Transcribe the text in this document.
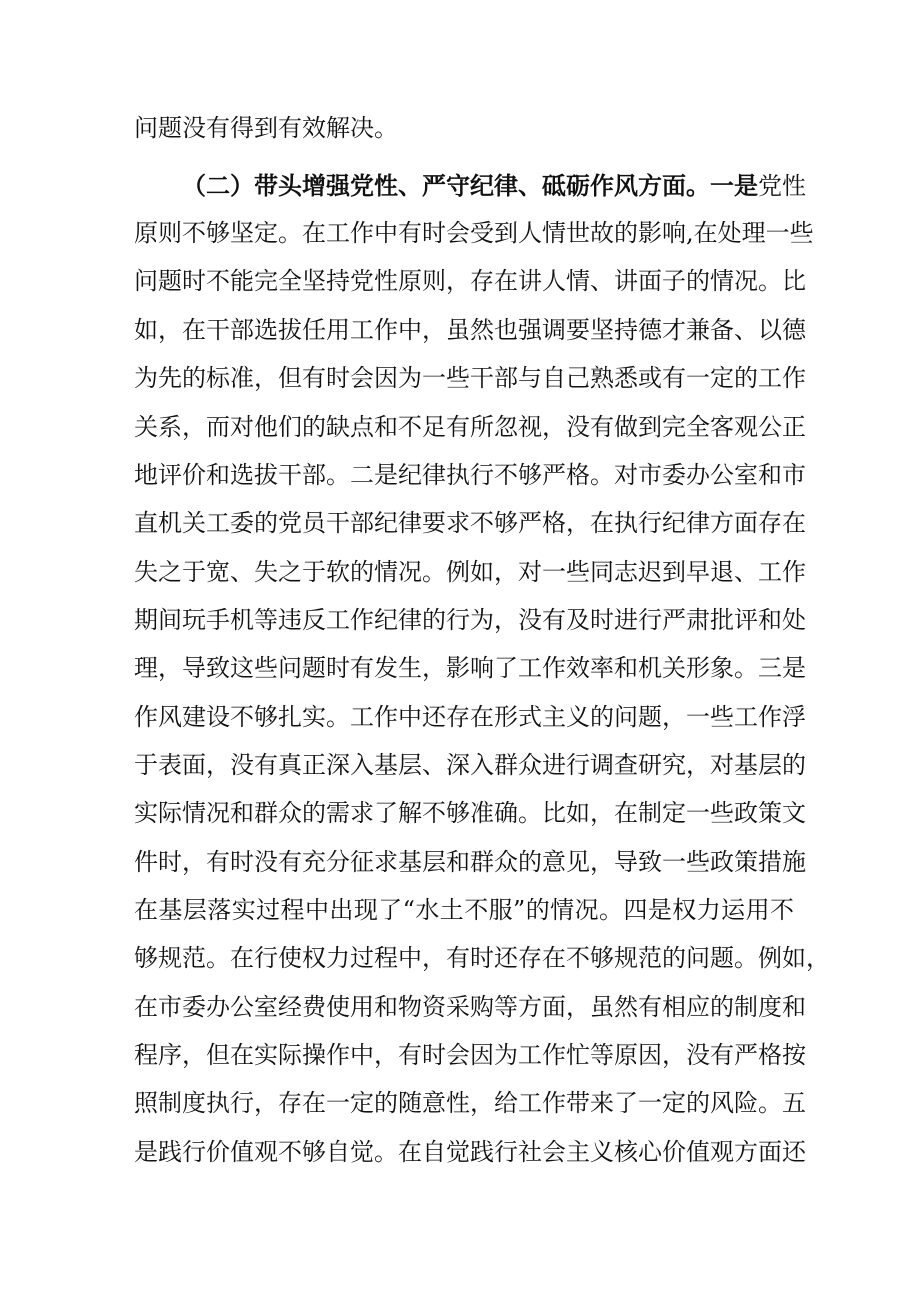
问题没有得到有效解决。
（二）带头增强党性、严守纪律、砥砺作风方面。一是党性
原则不够坚定。在工作中有时会受到人情世故的影响,在处理一些
问题时不能完全坚持党性原则，存在讲人情、讲面子的情况。比
如，在干部选拔任用工作中，虽然也强调要坚持德才兼备、以德
为先的标准，但有时会因为一些干部与自己熟悉或有一定的工作
关系，而对他们的缺点和不足有所忽视，没有做到完全客观公正
地评价和选拔干部。二是纪律执行不够严格。对市委办公室和市
直机关工委的党员干部纪律要求不够严格，在执行纪律方面存在
失之于宽、失之于软的情况。例如，对一些同志迟到早退、工作
期间玩手机等违反工作纪律的行为，没有及时进行严肃批评和处
理，导致这些问题时有发生，影响了工作效率和机关形象。三是
作风建设不够扎实。工作中还存在形式主义的问题，一些工作浮
于表面，没有真正深入基层、深入群众进行调查研究，对基层的
实际情况和群众的需求了解不够准确。比如，在制定一些政策文
件时，有时没有充分征求基层和群众的意见，导致一些政策措施
在基层落实过程中出现了“水土不服”的情况。四是权力运用不
够规范。在行使权力过程中，有时还存在不够规范的问题。例如，
在市委办公室经费使用和物资采购等方面，虽然有相应的制度和
程序，但在实际操作中，有时会因为工作忙等原因，没有严格按
照制度执行，存在一定的随意性，给工作带来了一定的风险。五
是践行价值观不够自觉。在自觉践行社会主义核心价值观方面还
